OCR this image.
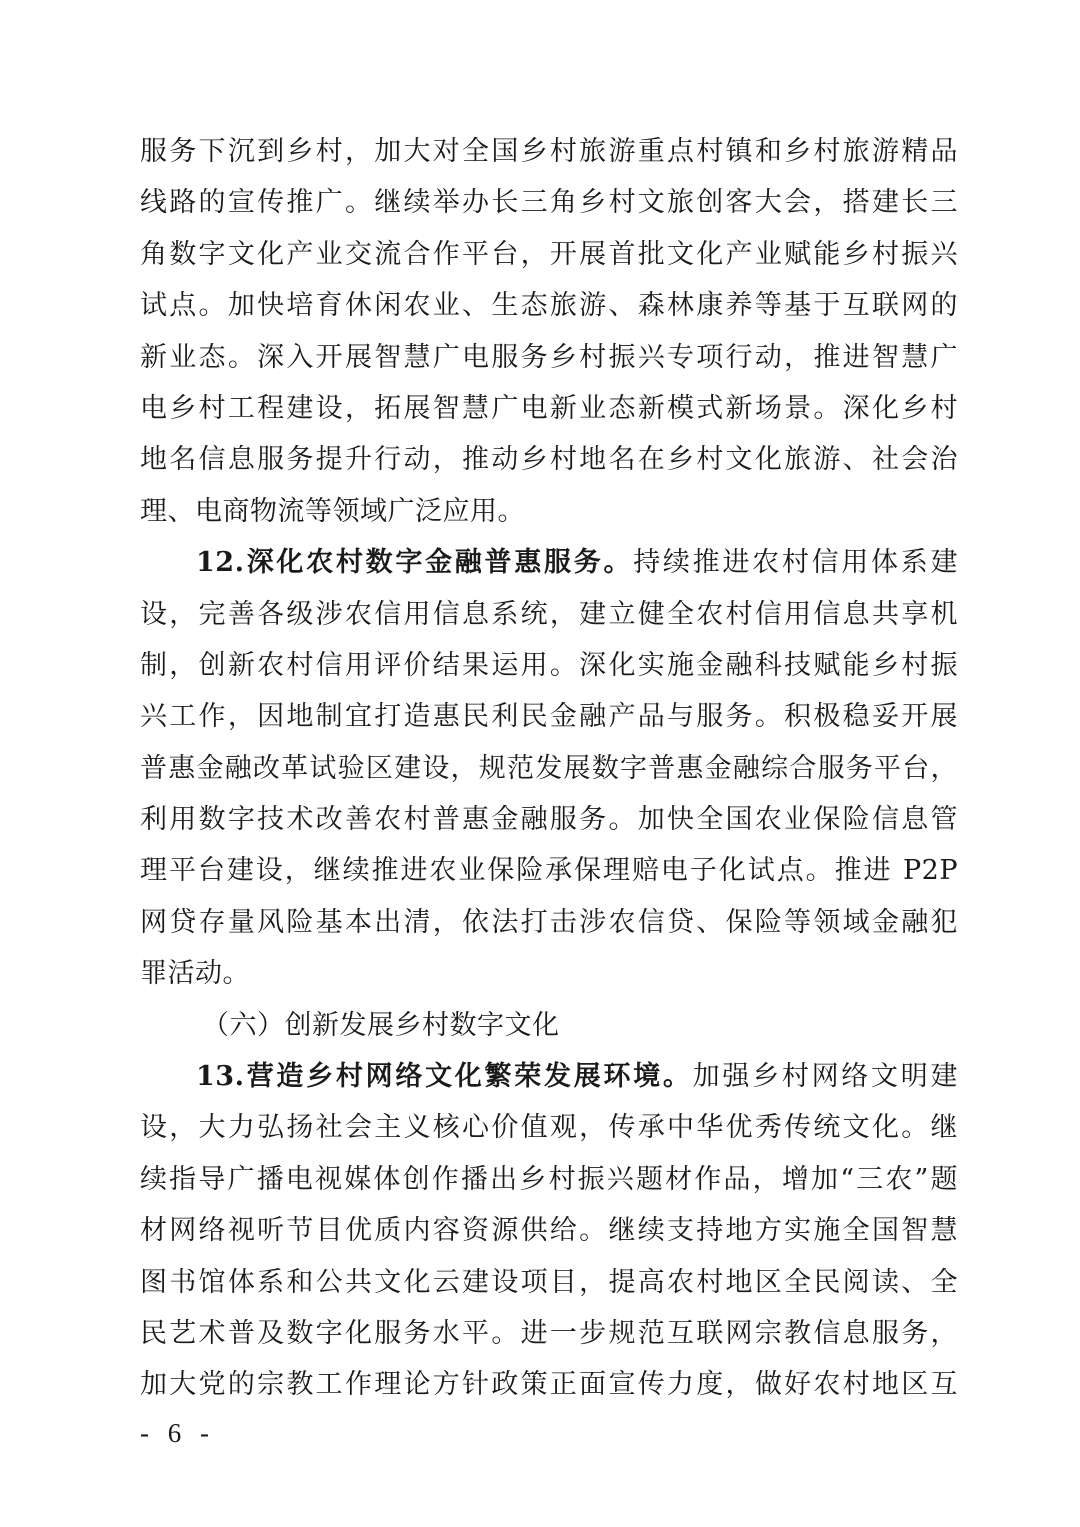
服务下沉到乡村，加大对全国乡村旅游重点村镇和乡村旅游精品
线路的宣传推广。继续举办长三角乡村文旅创客大会，搭建长三
角数字文化产业交流合作平台，开展首批文化产业赋能乡村振兴
试点。加快培育休闲农业、生态旅游、森林康养等基于互联网的
新业态。深入开展智慧广电服务乡村振兴专项行动，推进智慧广
电乡村工程建设，拓展智慧广电新业态新模式新场景。深化乡村
地名信息服务提升行动，推动乡村地名在乡村文化旅游、社会治
理、电商物流等领域广泛应用。
12.深化农村数字金融普惠服务。持续推进农村信用体系建
设，完善各级涉农信用信息系统，建立健全农村信用信息共享机
制，创新农村信用评价结果运用。深化实施金融科技赋能乡村振
兴工作，因地制宜打造惠民利民金融产品与服务。积极稳妥开展
普惠金融改革试验区建设，规范发展数字普惠金融综合服务平台，
利用数字技术改善农村普惠金融服务。加快全国农业保险信息管
理平台建设，继续推进农业保险承保理赔电子化试点。推进 P2P
网贷存量风险基本出清，依法打击涉农信贷、保险等领域金融犯
罪活动。
（六）创新发展乡村数字文化
13.营造乡村网络文化繁荣发展环境。加强乡村网络文明建
设，大力弘扬社会主义核心价值观，传承中华优秀传统文化。继
续指导广播电视媒体创作播出乡村振兴题材作品，增加“三农”题
材网络视听节目优质内容资源供给。继续支持地方实施全国智慧
图书馆体系和公共文化云建设项目，提高农村地区全民阅读、全
民艺术普及数字化服务水平。进一步规范互联网宗教信息服务，
加大党的宗教工作理论方针政策正面宣传力度，做好农村地区互
- 6 -
